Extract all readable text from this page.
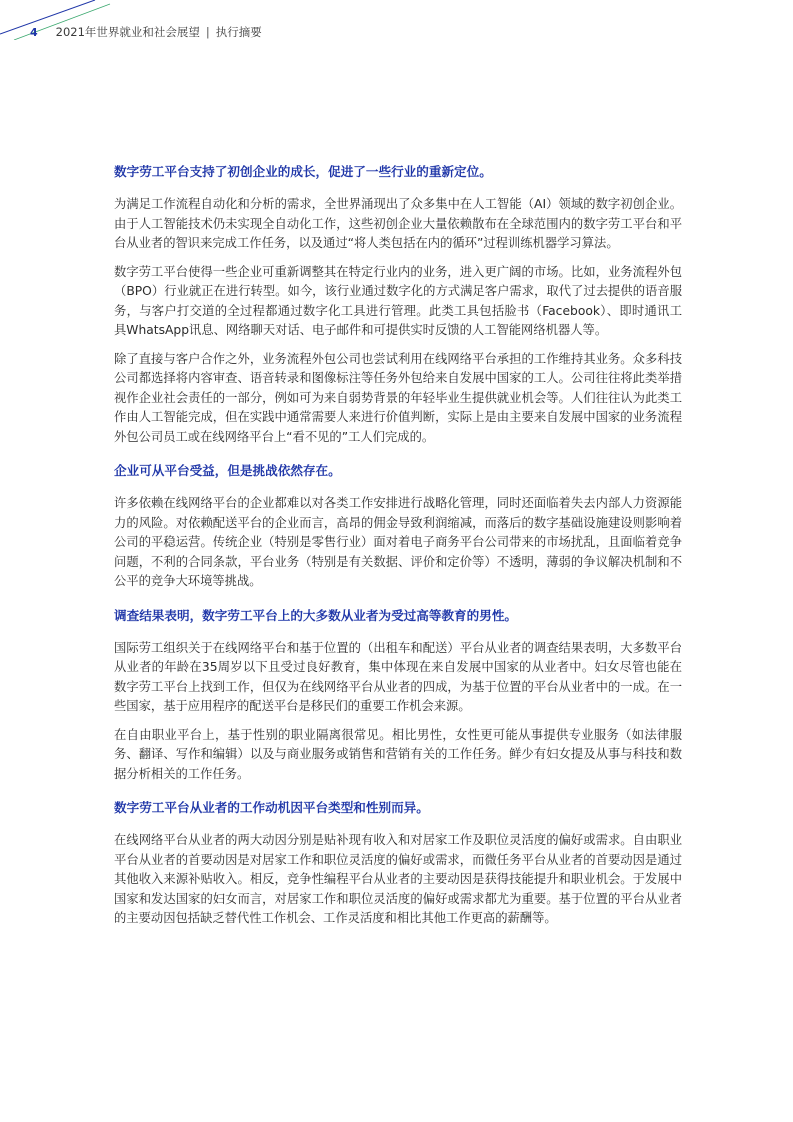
4 2021年世界就业和社会展望 | 执行摘要
数字劳工平台支持了初创企业的成长，促进了一些行业的重新定位。

为满足工作流程自动化和分析的需求，全世界涌现出了众多集中在人工智能（AI）领域的数字初创企业。由于人工智能技术仍未实现全自动化工作，这些初创企业大量依赖散布在全球范围内的数字劳工平台和平台从业者的智识来完成工作任务，以及通过“将人类包括在内的循环”过程训练机器学习算法。

数字劳工平台使得一些企业可重新调整其在特定行业内的业务，进入更广阔的市场。比如，业务流程外包（BPO）行业就正在进行转型。如今，该行业通过数字化的方式满足客户需求，取代了过去提供的语音服务，与客户打交道的全过程都通过数字化工具进行管理。此类工具包括脸书（Facebook）、即时通讯工具WhatsApp讯息、网络聊天对话、电子邮件和可提供实时反馈的人工智能网络机器人等。

除了直接与客户合作之外，业务流程外包公司也尝试利用在线网络平台承担的工作维持其业务。众多科技公司都选择将内容审查、语音转录和图像标注等任务外包给来自发展中国家的工人。公司往往将此类举措视作企业社会责任的一部分，例如可为来自弱势背景的年轻毕业生提供就业机会等。人们往往认为此类工作由人工智能完成，但在实践中通常需要人来进行价值判断，实际上是由主要来自发展中国家的业务流程外包公司员工或在线网络平台上“看不见的”工人们完成的。

企业可从平台受益，但是挑战依然存在。

许多依赖在线网络平台的企业都难以对各类工作安排进行战略化管理，同时还面临着失去内部人力资源能力的风险。对依赖配送平台的企业而言，高昂的佣金导致利润缩减，而落后的数字基础设施建设则影响着公司的平稳运营。传统企业（特别是零售行业）面对着电子商务平台公司带来的市场扰乱，且面临着竞争问题，不利的合同条款，平台业务（特别是有关数据、评价和定价等）不透明，薄弱的争议解决机制和不公平的竞争大环境等挑战。

调查结果表明，数字劳工平台上的大多数从业者为受过高等教育的男性。

国际劳工组织关于在线网络平台和基于位置的（出租车和配送）平台从业者的调查结果表明，大多数平台从业者的年龄在35周岁以下且受过良好教育，集中体现在来自发展中国家的从业者中。妇女尽管也能在数字劳工平台上找到工作，但仅为在线网络平台从业者的四成，为基于位置的平台从业者中的一成。在一些国家，基于应用程序的配送平台是移民们的重要工作机会来源。

在自由职业平台上，基于性别的职业隔离很常见。相比男性，女性更可能从事提供专业服务（如法律服务、翻译、写作和编辑）以及与商业服务或销售和营销有关的工作任务。鲜少有妇女提及从事与科技和数据分析相关的工作任务。

数字劳工平台从业者的工作动机因平台类型和性别而异。

在线网络平台从业者的两大动因分别是贴补现有收入和对居家工作及职位灵活度的偏好或需求。自由职业平台从业者的首要动因是对居家工作和职位灵活度的偏好或需求，而微任务平台从业者的首要动因是通过其他收入来源补贴收入。相反，竞争性编程平台从业者的主要动因是获得技能提升和职业机会。于发展中国家和发达国家的妇女而言，对居家工作和职位灵活度的偏好或需求都尤为重要。基于位置的平台从业者的主要动因包括缺乏替代性工作机会、工作灵活度和相比其他工作更高的薪酬等。
